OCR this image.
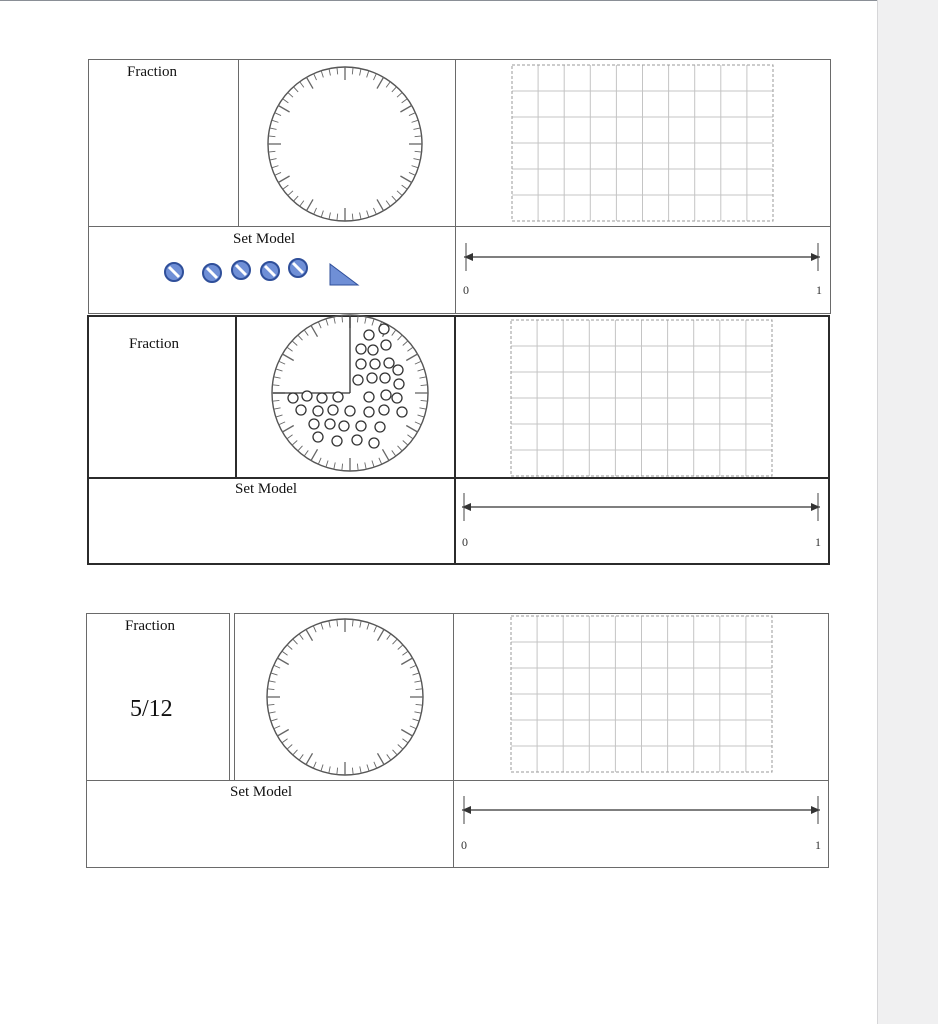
Fraction
Set Model
0	1
Fraction
Set Model
0	1
Fraction
5/12
Set Model
0	1
